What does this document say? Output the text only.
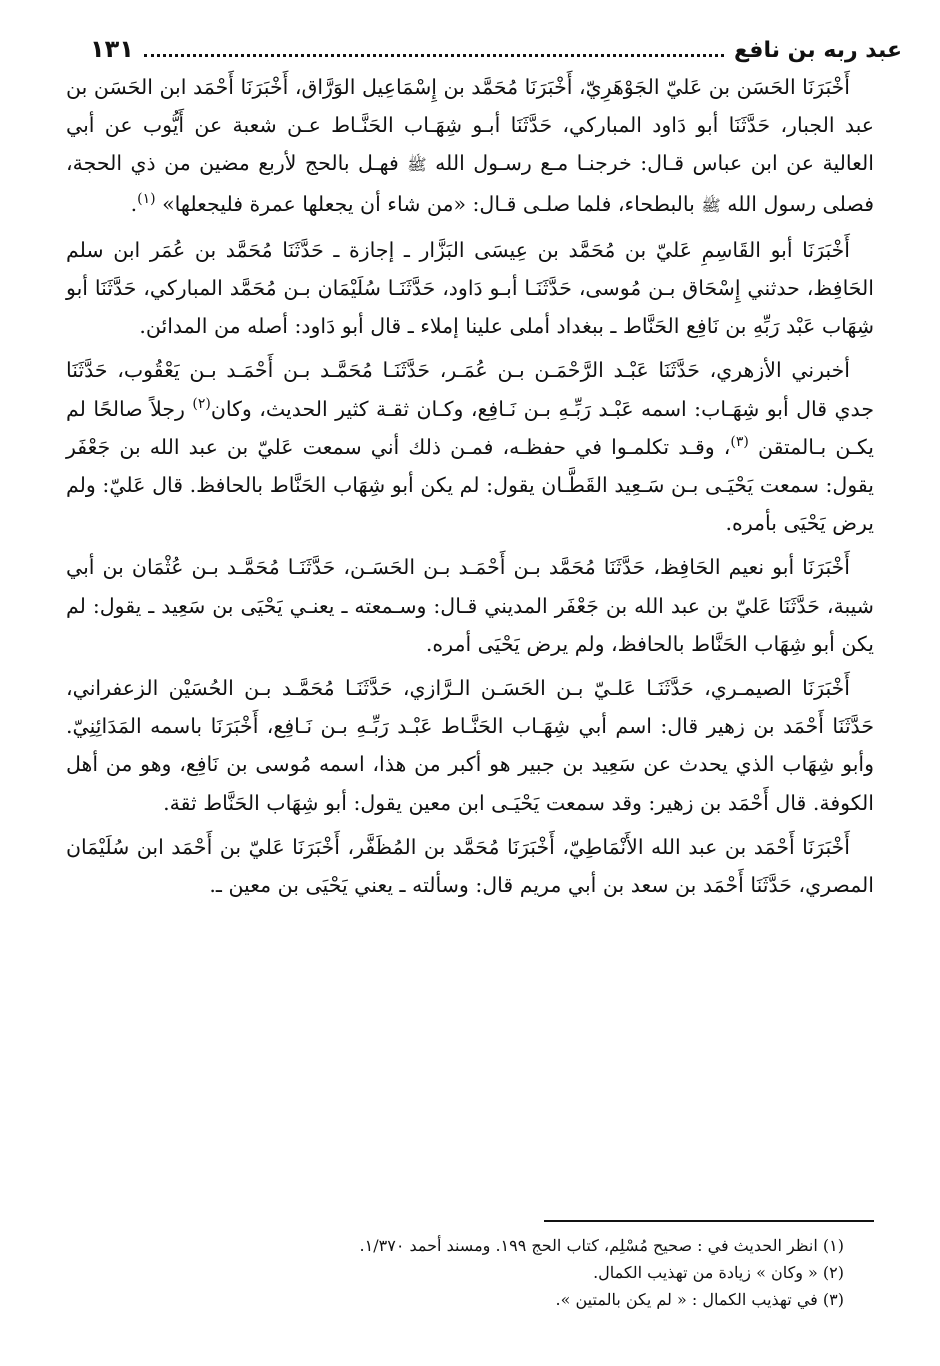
عبد ربه بن نافع
١٣١

أَخْبَرَنَا الحَسَن بن عَليّ الجَوْهَرِيّ، أَخْبَرَنَا مُحَمَّد بن إِسْمَاعِيل الوَرَّاق، أَخْبَرَنَا أَحْمَد ابن الحَسَن بن عبد الجبار، حَدَّثَنَا أبو دَاود المباركي، حَدَّثَنَا أبـو شِهَـاب الحَنَّـاط عـن شعبة عن أَيُّوب عن أبي العالية عن ابن عباس قـال: خرجنـا مـع رسـول الله ﷺ فهـل بالحج لأربع مضين من ذي الحجة، فصلى رسول الله ﷺ بالبطحاء، فلما صلـى قـال: «من شاء أن يجعلها عمرة فليجعلها» $^{(١)}$.

أَخْبَرَنَا أبو القَاسِمِ عَليّ بن مُحَمَّد بن عِيسَى البَزَّار ـ إجازة ـ حَدَّثَنَا مُحَمَّد بن عُمَر ابن سلم الحَافِظ، حدثني إِسْحَاق بـن مُوسى، حَدَّثَنَـا أبـو دَاود، حَدَّثَنَـا سُلَيْمَان بـن مُحَمَّد المباركي، حَدَّثَنَا أبو شِهَاب عَبْد رَبِّهِ بن نَافِع الحَنَّاط ـ ببغداد أملى علينا إملاء ـ قال أبو دَاود: أصله من المدائن.

أخبرني الأزهري، حَدَّثَنَا عَبْـد الرَّحْمَـن بـن عُمَـر، حَدَّثَنَـا مُحَمَّـد بـن أَحْمَـد بـن يَعْقُوب، حَدَّثَنَا جدي قال أبو شِهَـاب: اسمه عَبْـد رَبِّـهِ بـن نَـافِع، وكـان ثقـة كثير الحديث، وكان$^{(٢)}$ رجلاً صالحًا لم يكـن بـالمتقن $^{(٣)}$، وقـد تكلمـوا في حفظـه، فمـن ذلك أني سمعت عَليّ بن عبد الله بن جَعْفَر يقول: سمعت يَحْيَـى بـن سَـعِيد القَطَّـان يقول: لم يكن أبو شِهَاب الحَنَّاط بالحافظ. قال عَليّ: ولم يرض يَحْيَى بأمره.

أَخْبَرَنَا أبو نعيم الحَافِظ، حَدَّثَنَا مُحَمَّد بـن أَحْمَـد بـن الحَسَـن، حَدَّثَنَـا مُحَمَّـد بـن عُثْمَان بن أبي شيبة، حَدَّثَنَا عَليّ بن عبد الله بن جَعْفَر المديني قـال: وسـمعته ـ يعنـي يَحْيَى بن سَعِيد ـ يقول: لم يكن أبو شِهَاب الحَنَّاط بالحافظ، ولم يرض يَحْيَى أمره.

أَخْبَرَنَا الصيمـري، حَدَّثَنَـا عَلـيّ بـن الحَسَـن الـرَّازي، حَدَّثَنَـا مُحَمَّـد بـن الحُسَيْن الزعفراني، حَدَّثَنَا أَحْمَد بن زهير قال: اسم أبي شِهَـاب الحَنَّـاط عَبْـد رَبِّـهِ بـن نَـافِع، أَخْبَرَنَا باسمه المَدَائِنِيّ. وأبو شِهَاب الذي يحدث عن سَعِيد بن جبير هو أكبر من هذا، اسمه مُوسى بن نَافِع، وهو من أهل الكوفة. قال أَحْمَد بن زهير: وقد سمعت يَحْيَـى ابن معين يقول: أبو شِهَاب الحَنَّاط ثقة.

أَخْبَرَنَا أَحْمَد بن عبد الله الأَنْمَاطِيّ، أَخْبَرَنَا مُحَمَّد بن المُظَفَّر، أَخْبَرَنَا عَليّ بن أَحْمَد ابن سُلَيْمَان المصري، حَدَّثَنَا أَحْمَد بن سعد بن أبي مريم قال: وسألته ـ يعني يَحْيَى بن معين ـ.

(١) انظر الحديث في : صحيح مُسْلِم، كتاب الحج ١٩٩. ومسند أحمد ١/٣٧٠.

(٢) « وكان » زيادة من تهذيب الكمال.

(٣) في تهذيب الكمال : « لم يكن بالمتين ».
